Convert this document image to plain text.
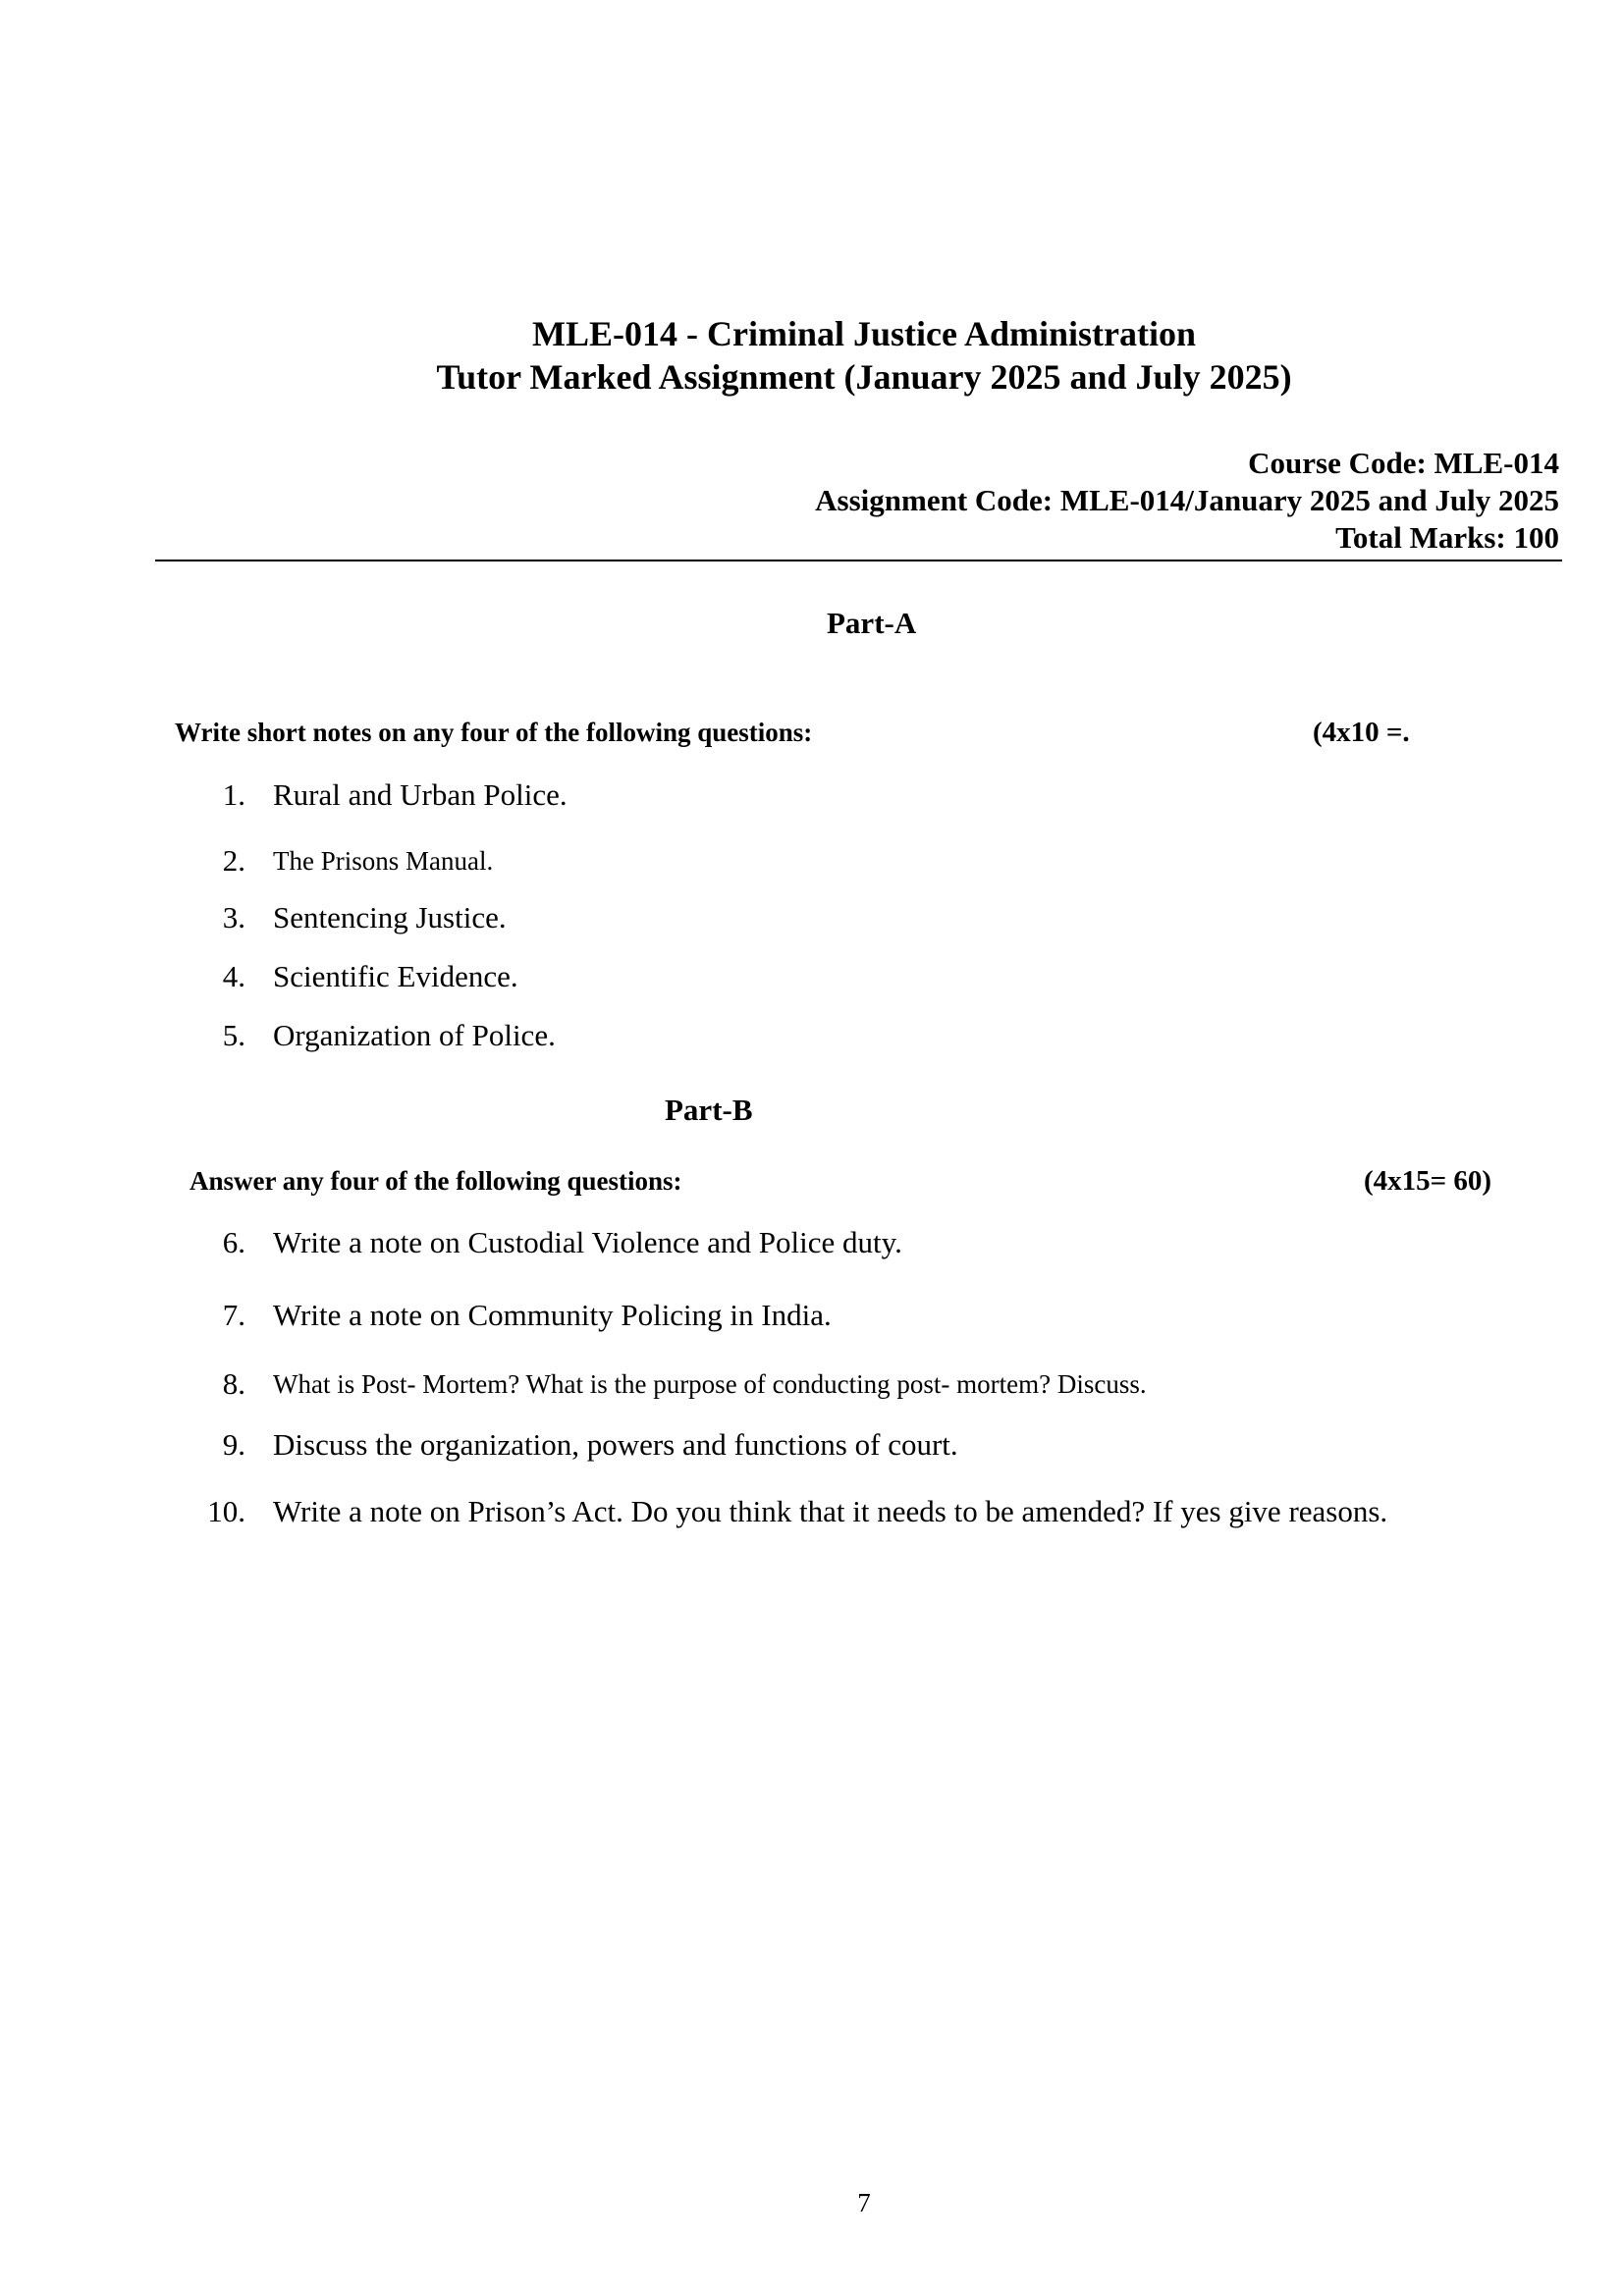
MLE-014 - Criminal Justice Administration
Tutor Marked Assignment (January 2025 and July 2025)
Course Code: MLE-014
Assignment Code: MLE-014/January 2025 and July 2025
Total Marks: 100
Part-A
Write short notes on any four of the following questions:	(4x10 =.
1. Rural and Urban Police.
2. The Prisons Manual.
3. Sentencing Justice.
4. Scientific Evidence.
5. Organization of Police.
Part-B
Answer any four of the following questions:	(4x15= 60)
6. Write a note on Custodial Violence and Police duty.
7. Write a note on Community Policing in India.
8. What is Post- Mortem? What is the purpose of conducting post- mortem? Discuss.
9. Discuss the organization, powers and functions of court.
10. Write a note on Prison’s Act. Do you think that it needs to be amended? If yes give reasons.
7
